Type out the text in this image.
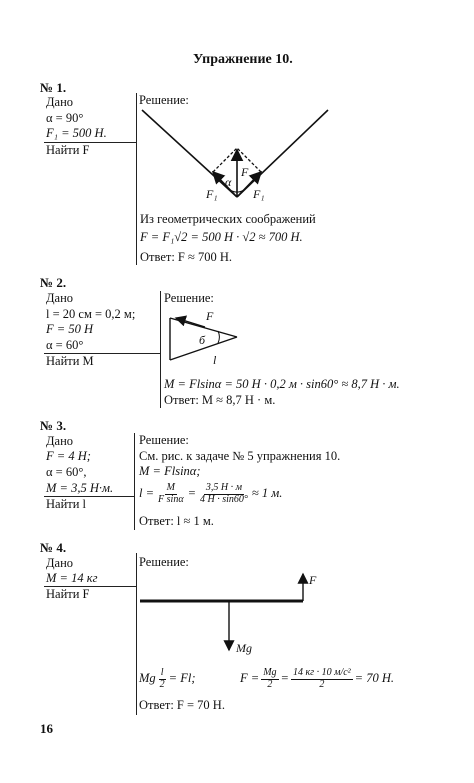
Упражнение 10.
№ 1.
Дано
α = 90°
F₁ = 500 Н.
Найти F
Решение:
F
F₁	F₁
α
Из геометрических соображений
F = F₁√2 = 500 Н · √2 ≈ 700 Н.
Ответ: F ≈ 700 Н.
№ 2.
Дано
l = 20 см = 0,2 м;
F = 50 Н
α = 60°
Найти M
Решение:
F
б
l
M = Flsinα = 50 Н · 0,2 м · sin60° ≈ 8,7 Н · м.
Ответ: M ≈ 8,7 Н · м.
№ 3.
Дано
F = 4 Н;
α = 60°,
M = 3,5 Н·м.
Найти l
Решение:
См. рис. к задаче № 5 упражнения 10.
M = Flsinα;
$l = \frac{M}{\text{F sinα}} = 3,5$ Н · м
4 Н · sin60° ≈ 1 м.
Ответ: l ≈ 1 м.
№ 4.
Дано
M = 14 кг
Найти F
Решение:
F
Mg
Mg $\frac{l}{2} = Fl$;	$F = \frac{Mg}{2} = 14$ кг · 10 м/с²
2 = 70 Н.
Ответ: F = 70 Н.
16
